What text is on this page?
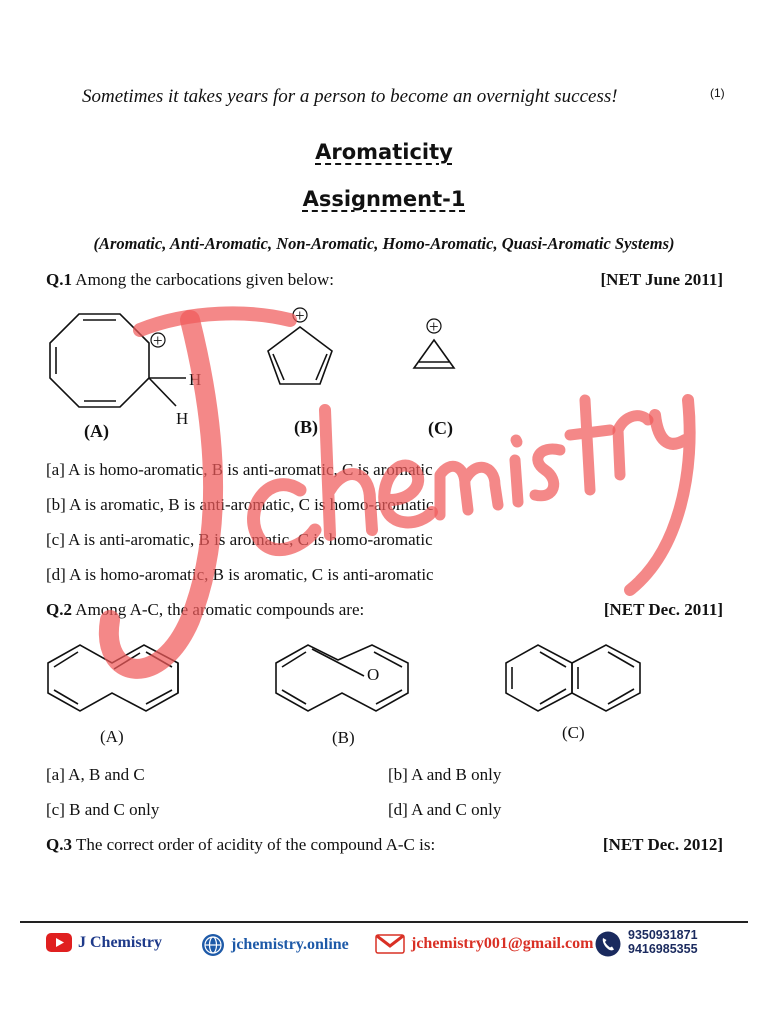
Sometimes it takes years for a person to become an overnight success!	(1)
Aromaticity
Assignment-1
(Aromatic, Anti-Aromatic, Non-Aromatic, Homo-Aromatic, Quasi-Aromatic Systems)
Q.1 Among the carbocations given below:	[NET June 2011]
+
H
H
(A)
+
(B)
+
(C)
[a] A is homo-aromatic, B is anti-aromatic, C is aromatic
[b] A is aromatic, B is anti-aromatic, C is homo-aromatic
[c] A is anti-aromatic, B is aromatic, C is homo-aromatic
[d] A is homo-aromatic, B is aromatic, C is anti-aromatic
Q.2 Among A-C, the aromatic compounds are:	[NET Dec. 2011]
(A)
O
(B)	(C)
[a] A, B and C	[b] A and B only
[c] B and C only	[d] A and C only
Q.3 The correct order of acidity of the compound A-C is:	[NET Dec. 2012]
J Chemistry	jchemistry.online	jchemistry001@gmail.com	9350931871
9416985355
